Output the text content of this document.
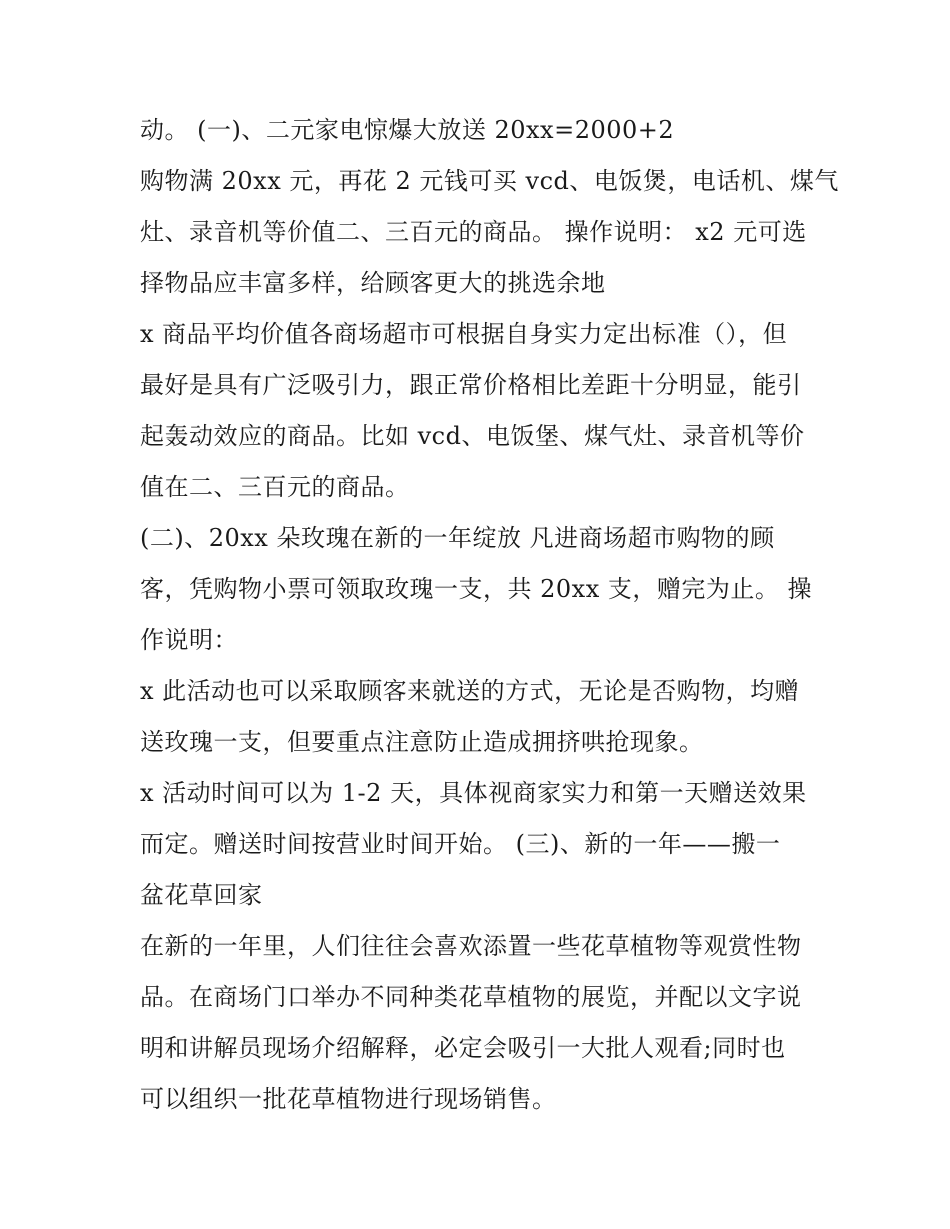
动。 (一)、二元家电惊爆大放送 20xx=2000+2
购物满 20xx 元，再花 2 元钱可买 vcd、电饭煲，电话机、煤气
灶、录音机等价值二、三百元的商品。 操作说明： x2 元可选
择物品应丰富多样，给顾客更大的挑选余地
x 商品平均价值各商场超市可根据自身实力定出标准（），但
最好是具有广泛吸引力，跟正常价格相比差距十分明显，能引
起轰动效应的商品。比如 vcd、电饭堡、煤气灶、录音机等价
值在二、三百元的商品。
(二)、20xx 朵玫瑰在新的一年绽放 凡进商场超市购物的顾
客，凭购物小票可领取玫瑰一支，共 20xx 支，赠完为止。 操
作说明：
x 此活动也可以采取顾客来就送的方式，无论是否购物，均赠
送玫瑰一支，但要重点注意防止造成拥挤哄抢现象。
x 活动时间可以为 1-2 天，具体视商家实力和第一天赠送效果
而定。赠送时间按营业时间开始。 (三)、新的一年——搬一
盆花草回家
在新的一年里，人们往往会喜欢添置一些花草植物等观赏性物
品。在商场门口举办不同种类花草植物的展览，并配以文字说
明和讲解员现场介绍解释，必定会吸引一大批人观看;同时也
可以组织一批花草植物进行现场销售。
